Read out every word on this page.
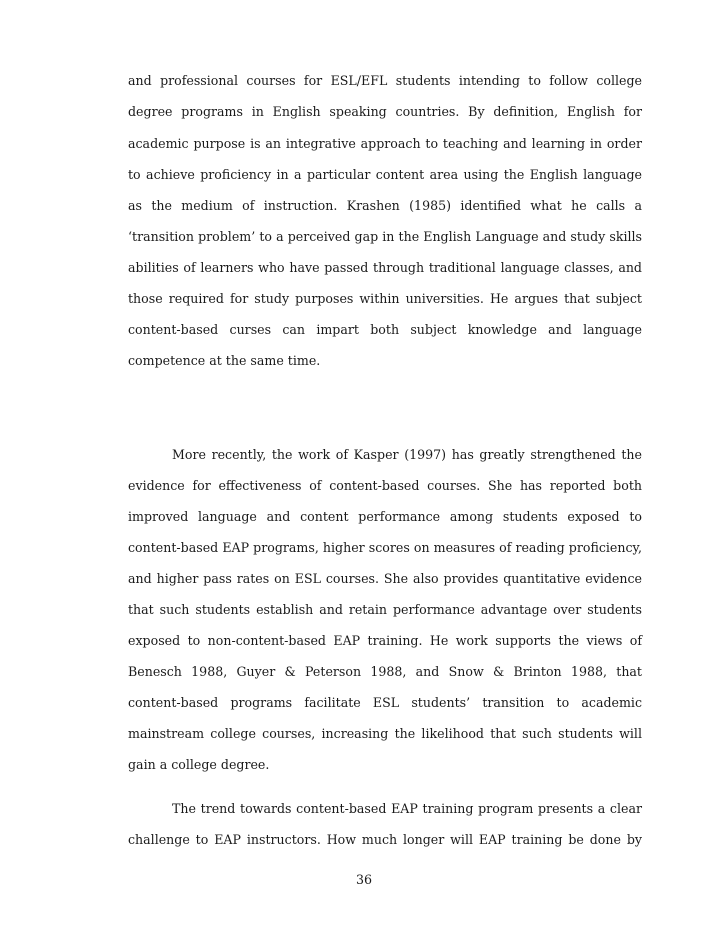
and professional courses for ESL/EFL students intending to follow college
degree programs in English speaking countries. By definition, English for
academic purpose is an integrative approach to teaching and learning in order
to achieve proficiency in a particular content area using the English language
as the medium of instruction. Krashen (1985) identified what he calls a
‘transition problem’ to a perceived gap in the English Language and study skills
abilities of learners who have passed through traditional language classes, and
those required for study purposes within universities. He argues that subject
content-based curses can impart both subject knowledge and language
competence at the same time.
More recently, the work of Kasper (1997) has greatly strengthened the
evidence for effectiveness of content-based courses. She has reported both
improved language and content performance among students exposed to
content-based EAP programs, higher scores on measures of reading proficiency,
and higher pass rates on ESL courses. She also provides quantitative evidence
that such students establish and retain performance advantage over students
exposed to non-content-based EAP training. He work supports the views of
Benesch 1988, Guyer & Peterson 1988, and Snow & Brinton 1988, that
content-based programs facilitate ESL students’ transition to academic
mainstream college courses, increasing the likelihood that such students will
gain a college degree.
The trend towards content-based EAP training program presents a clear
challenge to EAP instructors. How much longer will EAP training be done by
36
